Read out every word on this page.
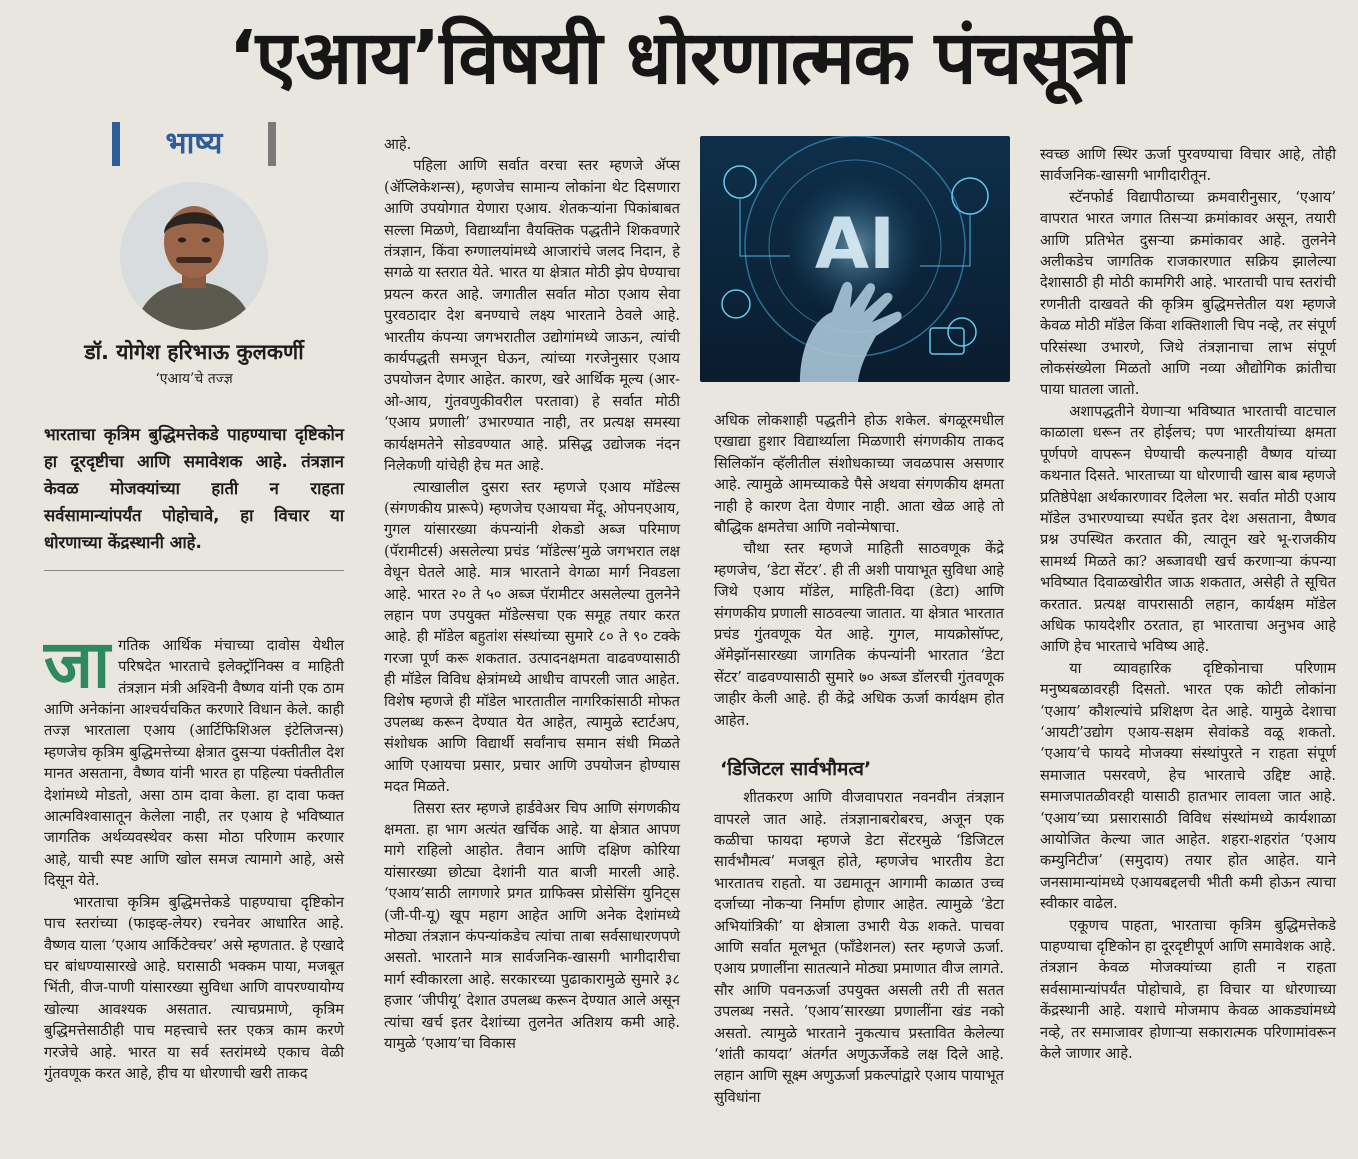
‘एआय’विषयी धोरणात्मक पंचसूत्री
भाष्य
डॉ. योगेश हरिभाऊ कुलकर्णी
‘एआय’चे तज्ज्ञ
भारताचा कृत्रिम बुद्धिमत्तेकडे पाहण्याचा दृष्टिकोन हा दूरदृष्टीचा आणि समावेशक आहे. तंत्रज्ञान केवळ मोजक्यांच्या हाती न राहता सर्वसामान्यांपर्यंत पोहोचावे, हा विचार या धोरणाच्या केंद्रस्थानी आहे.
जा गतिक आर्थिक मंचाच्या दावोस येथील परिषदेत भारताचे इलेक्ट्रॉनिक्स व माहिती तंत्रज्ञान मंत्री अश्विनी वैष्णव यांनी एक ठाम आणि अनेकांना आश्चर्यचकित करणारे विधान केले. काही तज्ज्ञ भारताला एआय (आर्टिफिशिअल इंटेलिजन्स) म्हणजेच कृत्रिम बुद्धिमत्तेच्या क्षेत्रात दुसऱ्या पंक्तीतील देश मानत असताना, वैष्णव यांनी भारत हा पहिल्या पंक्तीतील देशांमध्ये मोडतो, असा ठाम दावा केला. हा दावा फक्त आत्मविश्वासातून केलेला नाही, तर एआय हे भविष्यात जागतिक अर्थव्यवस्थेवर कसा मोठा परिणाम करणार आहे, याची स्पष्ट आणि खोल समज त्यामागे आहे, असे दिसून येते.

भारताचा कृत्रिम बुद्धिमत्तेकडे पाहण्याचा दृष्टिकोन पाच स्तरांच्या (फाइव्ह-लेयर) रचनेवर आधारित आहे. वैष्णव याला ‘एआय आर्किटेक्चर’ असे म्हणतात. हे एखादे घर बांधण्यासारखे आहे. घरासाठी भक्कम पाया, मजबूत भिंती, वीज-पाणी यांसारख्या सुविधा आणि वापरण्यायोग्य खोल्या आवश्यक असतात. त्याचप्रमाणे, कृत्रिम बुद्धिमत्तेसाठीही पाच महत्त्वाचे स्तर एकत्र काम करणे गरजेचे आहे. भारत या सर्व स्तरांमध्ये एकाच वेळी गुंतवणूक करत आहे, हीच या धोरणाची खरी ताकद

आहे.

पहिला आणि सर्वात वरचा स्तर म्हणजे ॲप्स (ॲप्लिकेशन्स), म्हणजेच सामान्य लोकांना थेट दिसणारा आणि उपयोगात येणारा एआय. शेतकऱ्यांना पिकांबाबत सल्ला मिळणे, विद्यार्थ्यांना वैयक्तिक पद्धतीने शिकवणारे तंत्रज्ञान, किंवा रुग्णालयांमध्ये आजारांचे जलद निदान, हे सगळे या स्तरात येते. भारत या क्षेत्रात मोठी झेप घेण्याचा प्रयत्न करत आहे. जगातील सर्वात मोठा एआय सेवा पुरवठादार देश बनण्याचे लक्ष्य भारताने ठेवले आहे. भारतीय कंपन्या जगभरातील उद्योगांमध्ये जाऊन, त्यांची कार्यपद्धती समजून घेऊन, त्यांच्या गरजेनुसार एआय उपयोजन देणार आहेत. कारण, खरे आर्थिक मूल्य (आर-ओ-आय, गुंतवणुकीवरील परतावा) हे सर्वात मोठी ‘एआय प्रणाली’ उभारण्यात नाही, तर प्रत्यक्ष समस्या कार्यक्षमतेने सोडवण्यात आहे. प्रसिद्ध उद्योजक नंदन निलेकणी यांचेही हेच मत आहे.

त्याखालील दुसरा स्तर म्हणजे एआय मॉडेल्स (संगणकीय प्रारूपे) म्हणजेच एआयचा मेंदू. ओपनएआय, गुगल यांसारख्या कंपन्यांनी शेकडो अब्ज परिमाण (पॅरामीटर्स) असलेल्या प्रचंड ‘मॉडेल्स’मुळे जगभरात लक्ष वेधून घेतले आहे. मात्र भारताने वेगळा मार्ग निवडला आहे. भारत २० ते ५० अब्ज पॅरामीटर असलेल्या तुलनेने लहान पण उपयुक्त मॉडेल्सचा एक समूह तयार करत आहे. ही मॉडेल बहुतांश संस्थांच्या सुमारे ८० ते ९० टक्के गरजा पूर्ण करू शकतात. उत्पादनक्षमता वाढवण्यासाठी ही मॉडेल विविध क्षेत्रांमध्ये आधीच वापरली जात आहेत. विशेष म्हणजे ही मॉडेल भारतातील नागरिकांसाठी मोफत उपलब्ध करून देण्यात येत आहेत, त्यामुळे स्टार्टअप, संशोधक आणि विद्यार्थी सर्वांनाच समान संधी मिळते आणि एआयचा प्रसार, प्रचार आणि उपयोजन होण्यास मदत मिळते.

तिसरा स्तर म्हणजे हार्डवेअर चिप आणि संगणकीय क्षमता. हा भाग अत्यंत खर्चिक आहे. या क्षेत्रात आपण मागे राहिलो आहोत. तैवान आणि दक्षिण कोरिया यांसारख्या छोट्या देशांनी यात बाजी मारली आहे. ‘एआय’साठी लागणारे प्रगत ग्राफिक्स प्रोसेसिंग युनिट्स (जी-पी-यू) खूप महाग आहेत आणि अनेक देशांमध्ये मोठ्या तंत्रज्ञान कंपन्यांकडेच त्यांचा ताबा सर्वसाधारणपणे असतो. भारताने मात्र सार्वजनिक-खासगी भागीदारीचा मार्ग स्वीकारला आहे. सरकारच्या पुढाकारामुळे सुमारे ३८ हजार ‘जीपीयू’ देशात उपलब्ध करून देण्यात आले असून त्यांचा खर्च इतर देशांच्या तुलनेत अतिशय कमी आहे. यामुळे ‘एआय’चा विकास

AI

अधिक लोकशाही पद्धतीने होऊ शकेल. बंगळूरमधील एखाद्या हुशार विद्यार्थ्याला मिळणारी संगणकीय ताकद सिलिकॉन व्हॅलीतील संशोधकाच्या जवळपास असणार आहे. त्यामुळे आमच्याकडे पैसे अथवा संगणकीय क्षमता नाही हे कारण देता येणार नाही. आता खेळ आहे तो बौद्धिक क्षमतेचा आणि नवोन्मेषाचा.

चौथा स्तर म्हणजे माहिती साठवणूक केंद्रे म्हणजेच, ‘डेटा सेंटर’. ही ती अशी पायाभूत सुविधा आहे जिथे एआय मॉडेल, माहिती-विदा (डेटा) आणि संगणकीय प्रणाली साठवल्या जातात. या क्षेत्रात भारतात प्रचंड गुंतवणूक येत आहे. गुगल, मायक्रोसॉफ्ट, ॲमेझॉनसारख्या जागतिक कंपन्यांनी भारतात ‘डेटा सेंटर’ वाढवण्यासाठी सुमारे ७० अब्ज डॉलरची गुंतवणूक जाहीर केली आहे. ही केंद्रे अधिक ऊर्जा कार्यक्षम होत आहेत.

‘डिजिटल सार्वभौमत्व’

शीतकरण आणि वीजवापरात नवनवीन तंत्रज्ञान वापरले जात आहे. तंत्रज्ञानाबरोबरच, अजून एक कळीचा फायदा म्हणजे डेटा सेंटरमुळे ‘डिजिटल सार्वभौमत्व’ मजबूत होते, म्हणजेच भारतीय डेटा भारतातच राहतो. या उद्यमातून आगामी काळात उच्च दर्जाच्या नोकऱ्या निर्माण होणार आहेत. त्यामुळे ‘डेटा अभियांत्रिकी’ या क्षेत्राला उभारी येऊ शकते. पाचवा आणि सर्वात मूलभूत (फॉंडेशनल) स्तर म्हणजे ऊर्जा. एआय प्रणालींना सातत्याने मोठ्या प्रमाणात वीज लागते. सौर आणि पवनऊर्जा उपयुक्त असली तरी ती सतत उपलब्ध नसते. ‘एआय’सारख्या प्रणालींना खंड नको असतो. त्यामुळे भारताने नुकत्याच प्रस्तावित केलेल्या ‘शांती कायदा’ अंतर्गत अणुऊर्जेकडे लक्ष दिले आहे. लहान आणि सूक्ष्म अणुऊर्जा प्रकल्पांद्वारे एआय पायाभूत सुविधांना

स्वच्छ आणि स्थिर ऊर्जा पुरवण्याचा विचार आहे, तोही सार्वजनिक-खासगी भागीदारीतून.

स्टॅनफोर्ड विद्यापीठाच्या क्रमवारीनुसार, ‘एआय’ वापरात भारत जगात तिसऱ्या क्रमांकावर असून, तयारी आणि प्रतिभेत दुसऱ्या क्रमांकावर आहे. तुलनेने अलीकडेच जागतिक राजकारणात सक्रिय झालेल्या देशासाठी ही मोठी कामगिरी आहे. भारताची पाच स्तरांची रणनीती दाखवते की कृत्रिम बुद्धिमत्तेतील यश म्हणजे केवळ मोठी मॉडेल किंवा शक्तिशाली चिप नव्हे, तर संपूर्ण परिसंस्था उभारणे, जिथे तंत्रज्ञानाचा लाभ संपूर्ण लोकसंख्येला मिळतो आणि नव्या औद्योगिक क्रांतीचा पाया घातला जातो.

अशापद्धतीने येणाऱ्या भविष्यात भारताची वाटचाल काळाला धरून तर होईलच; पण भारतीयांच्या क्षमता पूर्णपणे वापरून घेण्याची कल्पनाही वैष्णव यांच्या कथनात दिसते. भारताच्या या धोरणाची खास बाब म्हणजे प्रतिष्ठेपेक्षा अर्थकारणावर दिलेला भर. सर्वात मोठी एआय मॉडेल उभारण्याच्या स्पर्धेत इतर देश असताना, वैष्णव प्रश्न उपस्थित करतात की, त्यातून खरे भू-राजकीय सामर्थ्य मिळते का? अब्जावधी खर्च करणाऱ्या कंपन्या भविष्यात दिवाळखोरीत जाऊ शकतात, असेही ते सूचित करतात. प्रत्यक्ष वापरासाठी लहान, कार्यक्षम मॉडेल अधिक फायदेशीर ठरतात, हा भारताचा अनुभव आहे आणि हेच भारताचे भविष्य आहे.

या व्यावहारिक दृष्टिकोनाचा परिणाम मनुष्यबळावरही दिसतो. भारत एक कोटी लोकांना ‘एआय’ कौशल्यांचे प्रशिक्षण देत आहे. यामुळे देशाचा ‘आयटी’उद्योग एआय-सक्षम सेवांकडे वळू शकतो. ‘एआय’चे फायदे मोजक्या संस्थांपुरते न राहता संपूर्ण समाजात पसरवणे, हेच भारताचे उद्दिष्ट आहे. समाजपातळीवरही यासाठी हातभार लावला जात आहे. ‘एआय’च्या प्रसारासाठी विविध संस्थांमध्ये कार्यशाळा आयोजित केल्या जात आहेत. शहरा-शहरांत ‘एआय कम्युनिटीज’ (समुदाय) तयार होत आहेत. याने जनसामान्यांमध्ये एआयबद्दलची भीती कमी होऊन त्याचा स्वीकार वाढेल.

एकूणच पाहता, भारताचा कृत्रिम बुद्धिमत्तेकडे पाहण्याचा दृष्टिकोन हा दूरदृष्टीपूर्ण आणि समावेशक आहे. तंत्रज्ञान केवळ मोजक्यांच्या हाती न राहता सर्वसामान्यांपर्यंत पोहोचावे, हा विचार या धोरणाच्या केंद्रस्थानी आहे. यशाचे मोजमाप केवळ आकड्यांमध्ये नव्हे, तर समाजावर होणाऱ्या सकारात्मक परिणामांवरून केले जाणार आहे.
